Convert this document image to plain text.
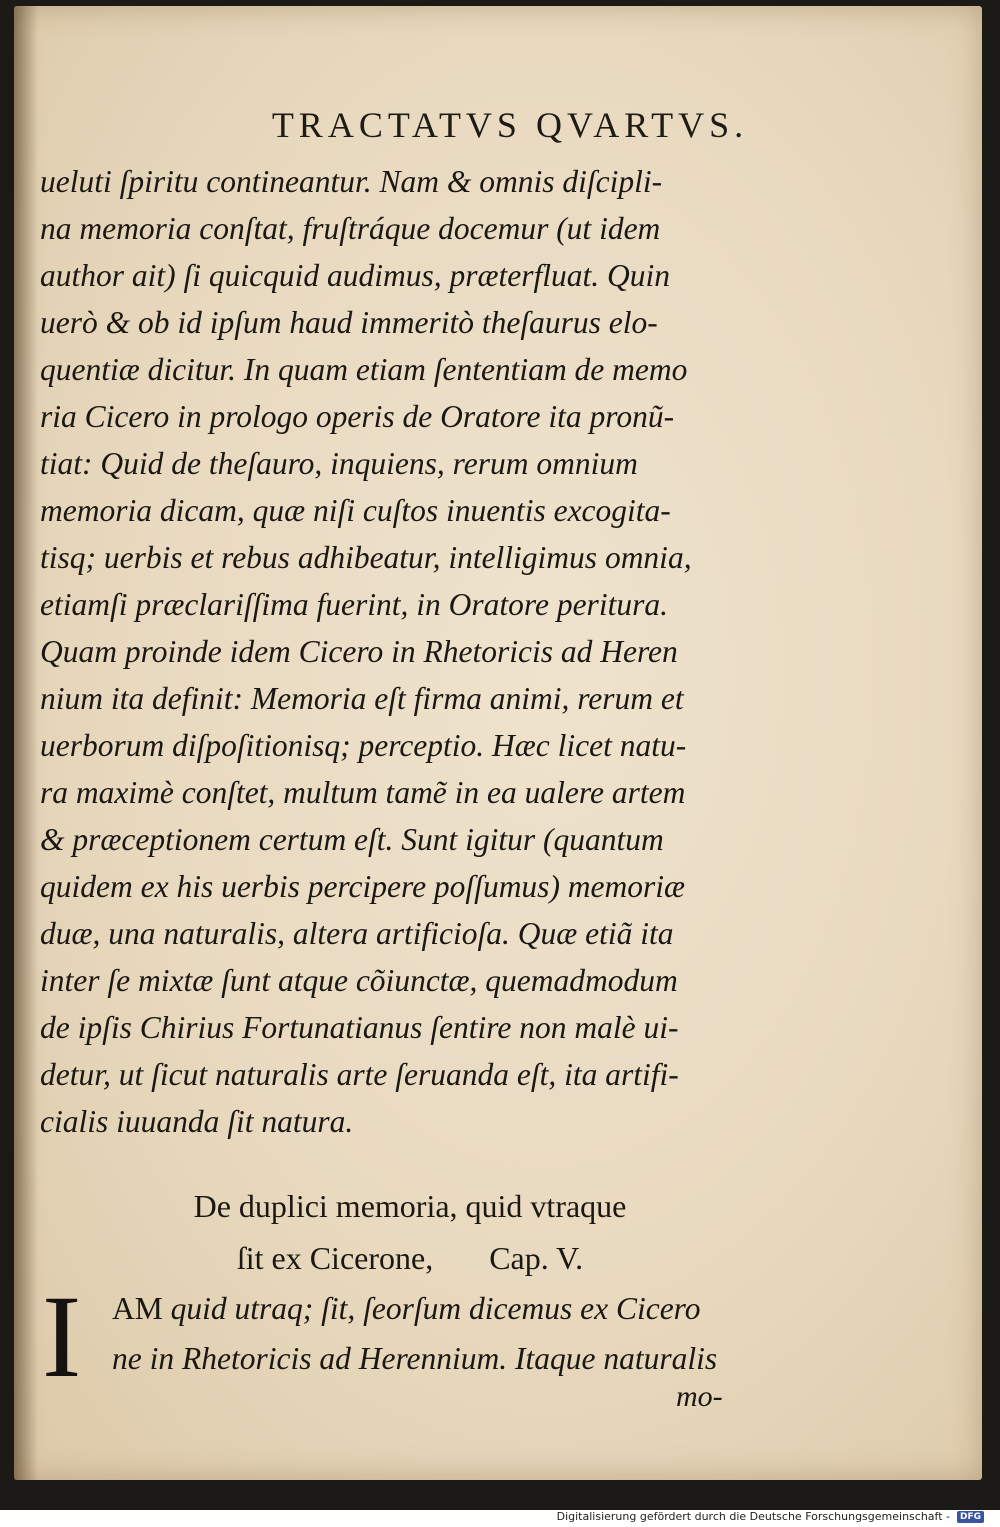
TRACTATVS QVARTVS.
ueluti ſpiritu contineantur. Nam & omnis diſcipli-
na memoria conſtat, fruſtráque docemur (ut idem
author ait) ſi quicquid audimus, præterfluat. Quin
uerò & ob id ipſum haud immeritò theſaurus elo-
quentiæ dicitur. In quam etiam ſententiam de memo
ria Cicero in prologo operis de Oratore ita pronũ-
tiat: Quid de theſauro, inquiens, rerum omnium
memoria dicam, quæ niſi cuſtos inuentis excogita-
tisq; uerbis et rebus adhibeatur, intelligimus omnia,
etiamſi præclariſſima fuerint, in Oratore peritura.
Quam proinde idem Cicero in Rhetoricis ad Heren
nium ita definit: Memoria eſt firma animi, rerum et
uerborum diſpoſitionisq; perceptio. Hæc licet natu-
ra maximè conſtet, multum tamẽ in ea ualere artem
& præceptionem certum eſt. Sunt igitur (quantum
quidem ex his uerbis percipere poſſumus) memoriæ
duæ, una naturalis, altera artificioſa. Quæ etiã ita
inter ſe mixtæ ſunt atque cõiunctæ, quemadmodum
de ipſis Chirius Fortunatianus ſentire non malè ui-
detur, ut ſicut naturalis arte ſeruanda eſt, ita artifi-
cialis iuuanda ſit natura.
De duplici memoria, quid vtraque
ſit ex Cicerone,       Cap. V.
I AM quid utraq; ſit, ſeorſum dicemus ex Cicero
ne in Rhetoricis ad Herennium. Itaque naturalis
mo-
Digitalisierung gefördert durch die Deutsche Forschungsgemeinschaft -	DFG
